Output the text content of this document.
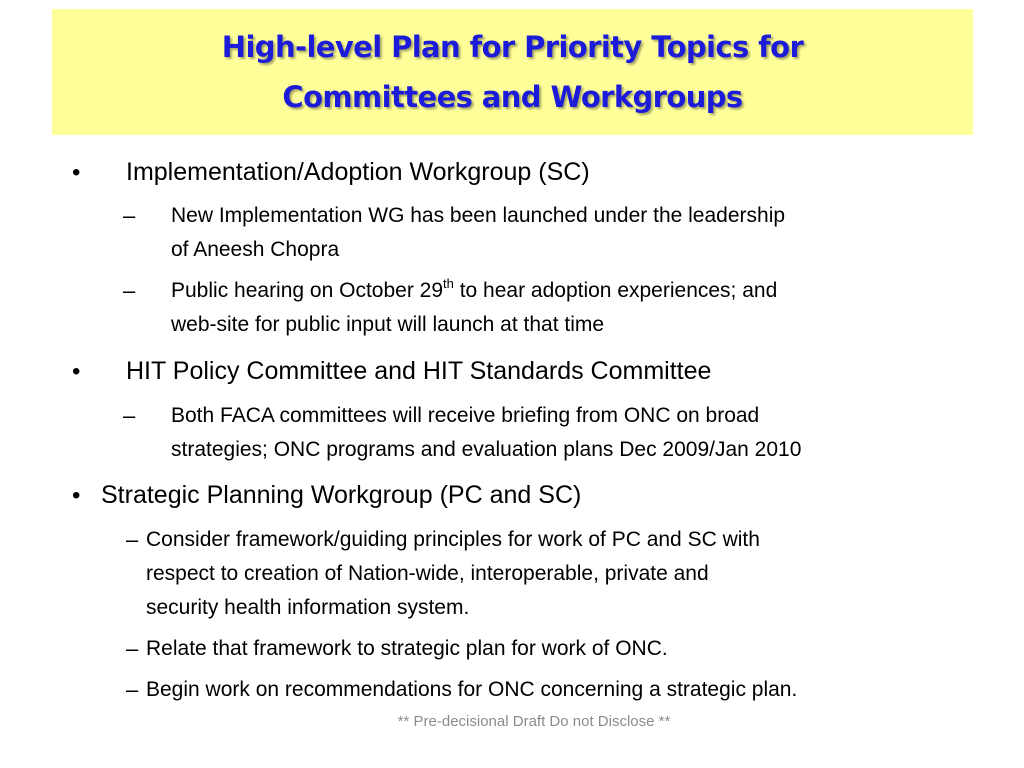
High-level Plan for Priority Topics for
Committees and Workgroups
• Implementation/Adoption Workgroup (SC)
– New Implementation WG has been launched under the leadership
of Aneesh Chopra
– Public hearing on October 29th to hear adoption experiences; and
web-site for public input will launch at that time
• HIT Policy Committee and HIT Standards Committee
– Both FACA committees will receive briefing from ONC on broad
strategies; ONC programs and evaluation plans Dec 2009/Jan 2010
• Strategic Planning Workgroup (PC and SC)
– Consider framework/guiding principles for work of PC and SC with
respect to creation of Nation-wide, interoperable, private and
security health information system.
– Relate that framework to strategic plan for work of ONC.
– Begin work on recommendations for ONC concerning a strategic plan.
** Pre-decisional Draft Do not Disclose **
